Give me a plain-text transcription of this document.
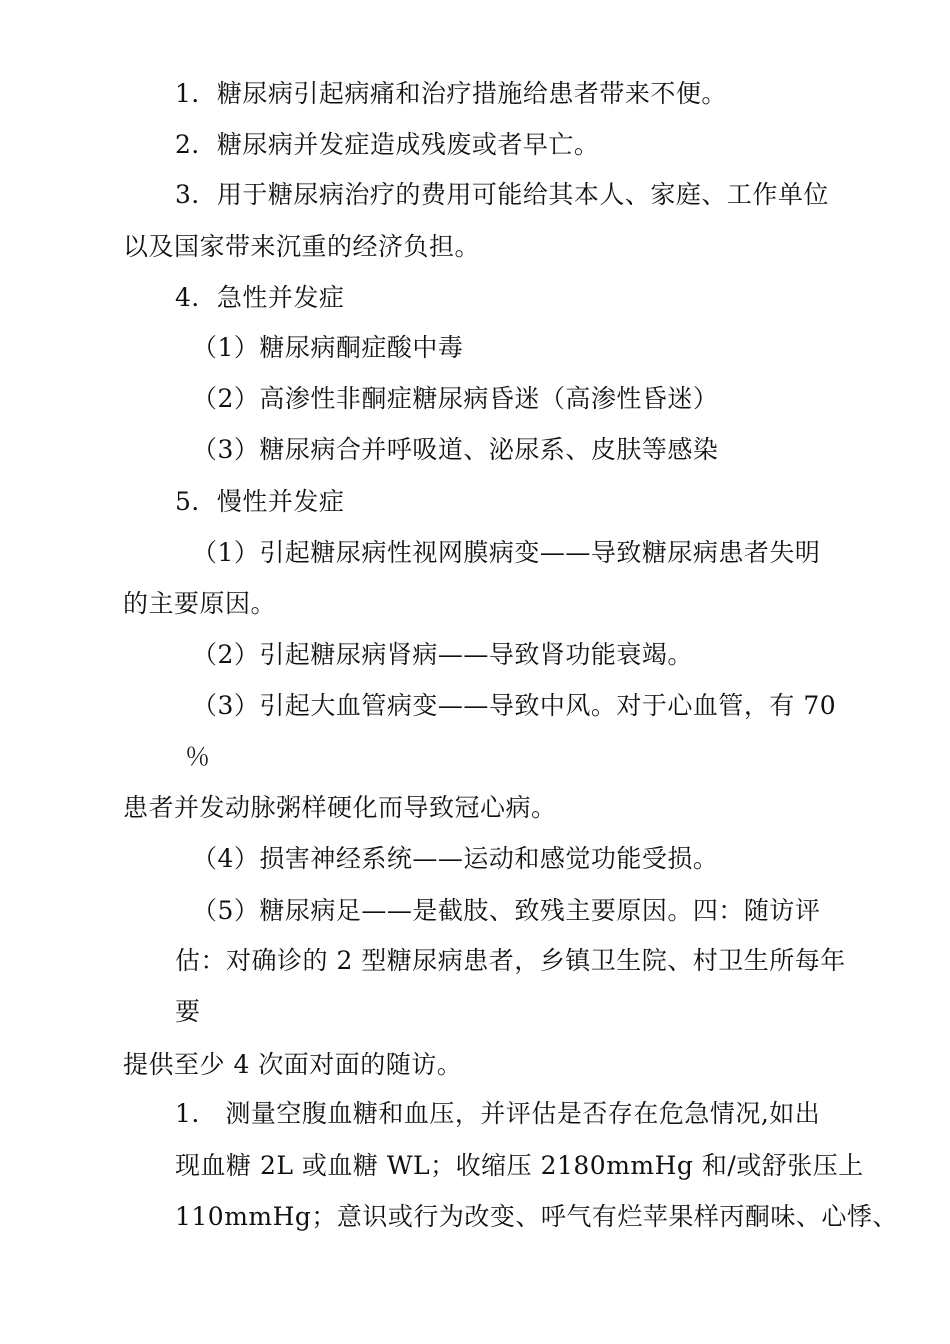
1．糖尿病引起病痛和治疗措施给患者带来不便。
2．糖尿病并发症造成残废或者早亡。
3．用于糖尿病治疗的费用可能给其本人、家庭、工作单位
以及国家带来沉重的经济负担。
4．急性并发症
（1）糖尿病酮症酸中毒
（2）高渗性非酮症糖尿病昏迷（高渗性昏迷）
（3）糖尿病合并呼吸道、泌尿系、皮肤等感染
5．慢性并发症
（1）引起糖尿病性视网膜病变——导致糖尿病患者失明
的主要原因。
（2）引起糖尿病肾病——导致肾功能衰竭。
（3）引起大血管病变——导致中风。对于心血管，有 70
％
患者并发动脉粥样硬化而导致冠心病。
（4）损害神经系统——运动和感觉功能受损。
（5）糖尿病足——是截肢、致残主要原因。四：随访评
估：对确诊的 2 型糖尿病患者，乡镇卫生院、村卫生所每年
要
提供至少 4 次面对面的随访。
1.　测量空腹血糖和血压，并评估是否存在危急情况,如出
现血糖 2L 或血糖 WL；收缩压 2180mmHg 和/或舒张压上
110mmHg；意识或行为改变、呼气有烂苹果样丙酮味、心悸、
